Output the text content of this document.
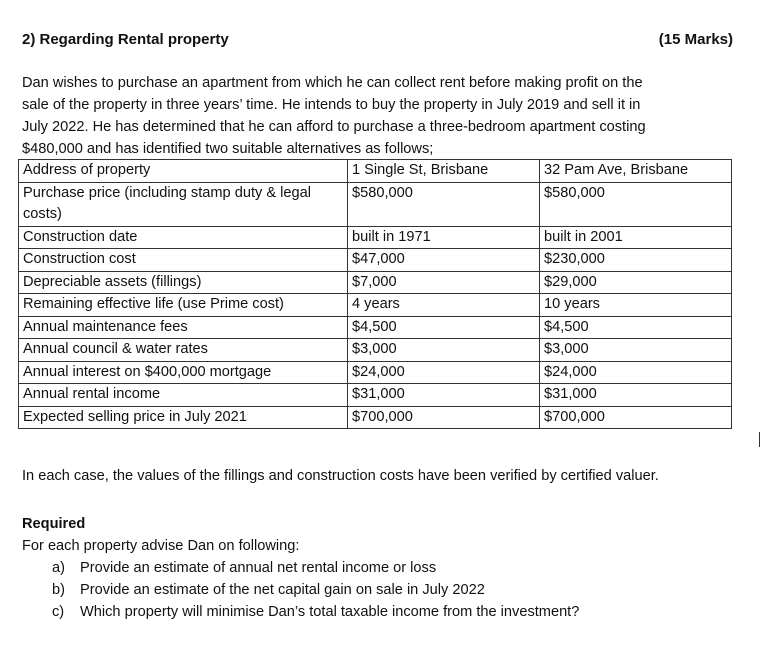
2) Regarding Rental property	(15 Marks)

Dan wishes to purchase an apartment from which he can collect rent before making profit on the

sale of the property in three years’ time. He intends to buy the property in July 2019 and sell it in

July 2022. He has determined that he can afford to purchase a three-bedroom apartment costing

$480,000 and has identified two suitable alternatives as follows;

Address of property	1 Single St, Brisbane	32 Pam Ave, Brisbane
Purchase price (including stamp duty & legal costs)	$580,000	$580,000
Construction date	built in 1971	built in 2001
Construction cost	$47,000	$230,000
Depreciable assets (fillings)	$7,000	$29,000
Remaining effective life (use Prime cost)	4 years	10 years
Annual maintenance fees	$4,500	$4,500
Annual council & water rates	$3,000	$3,000
Annual interest on $400,000 mortgage	$24,000	$24,000
Annual rental income	$31,000	$31,000
Expected selling price in July 2021	$700,000	$700,000
In each case, the values of the fillings and construction costs have been verified by certified valuer.
Required
For each property advise Dan on following:
a)	Provide an estimate of annual net rental income or loss
b)	Provide an estimate of the net capital gain on sale in July 2022
c)	Which property will minimise Dan’s total taxable income from the investment?
